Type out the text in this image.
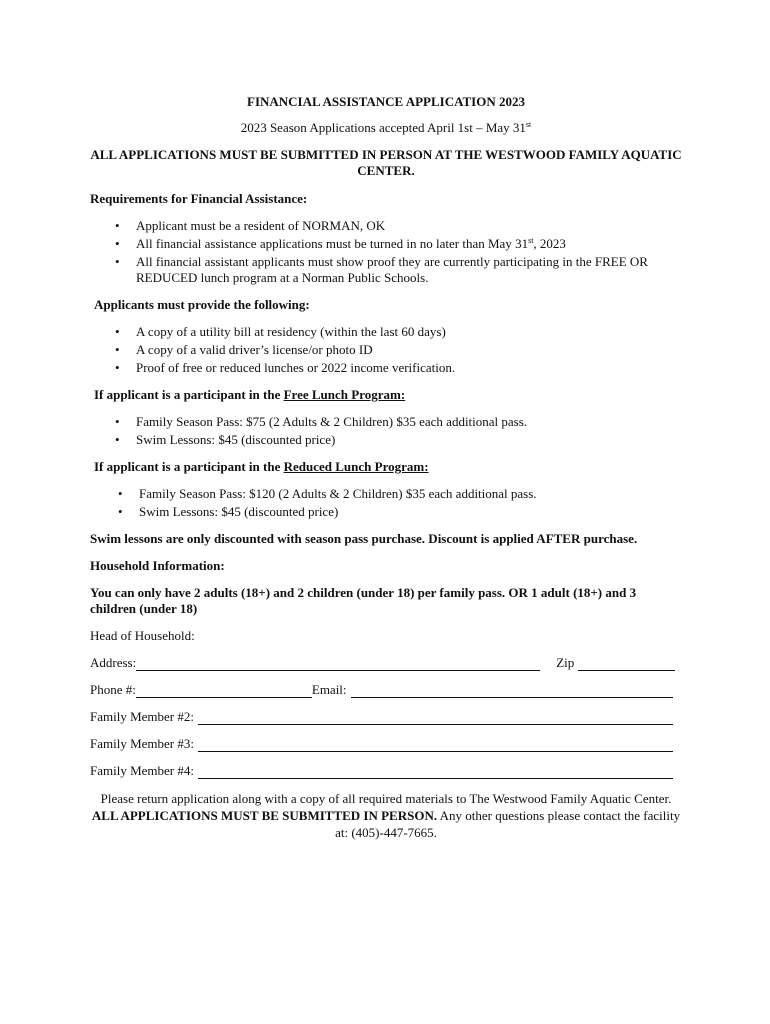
FINANCIAL ASSISTANCE APPLICATION 2023
2023 Season Applications accepted April 1st – May 31st
ALL APPLICATIONS MUST BE SUBMITTED IN PERSON AT THE WESTWOOD FAMILY AQUATIC CENTER.
Requirements for Financial Assistance:
• Applicant must be a resident of NORMAN, OK
• All financial assistance applications must be turned in no later than May 31st, 2023
• All financial assistant applicants must show proof they are currently participating in the FREE OR REDUCED lunch program at a Norman Public Schools.
Applicants must provide the following:
• A copy of a utility bill at residency (within the last 60 days)
• A copy of a valid driver’s license/or photo ID
• Proof of free or reduced lunches or 2022 income verification.
If applicant is a participant in the Free Lunch Program:
• Family Season Pass: $75 (2 Adults & 2 Children) $35 each additional pass.
• Swim Lessons: $45 (discounted price)
If applicant is a participant in the Reduced Lunch Program:
• Family Season Pass: $120 (2 Adults & 2 Children) $35 each additional pass.
• Swim Lessons: $45 (discounted price)
Swim lessons are only discounted with season pass purchase. Discount is applied AFTER purchase.
Household Information:
You can only have 2 adults (18+) and 2 children (under 18) per family pass. OR 1 adult (18+) and 3 children (under 18)
Head of Household:
Address:	Zip
Phone #:	Email:
Family Member #2:
Family Member #3:
Family Member #4:
Please return application along with a copy of all required materials to The Westwood Family Aquatic Center. ALL APPLICATIONS MUST BE SUBMITTED IN PERSON. Any other questions please contact the facility at: (405)-447-7665.
